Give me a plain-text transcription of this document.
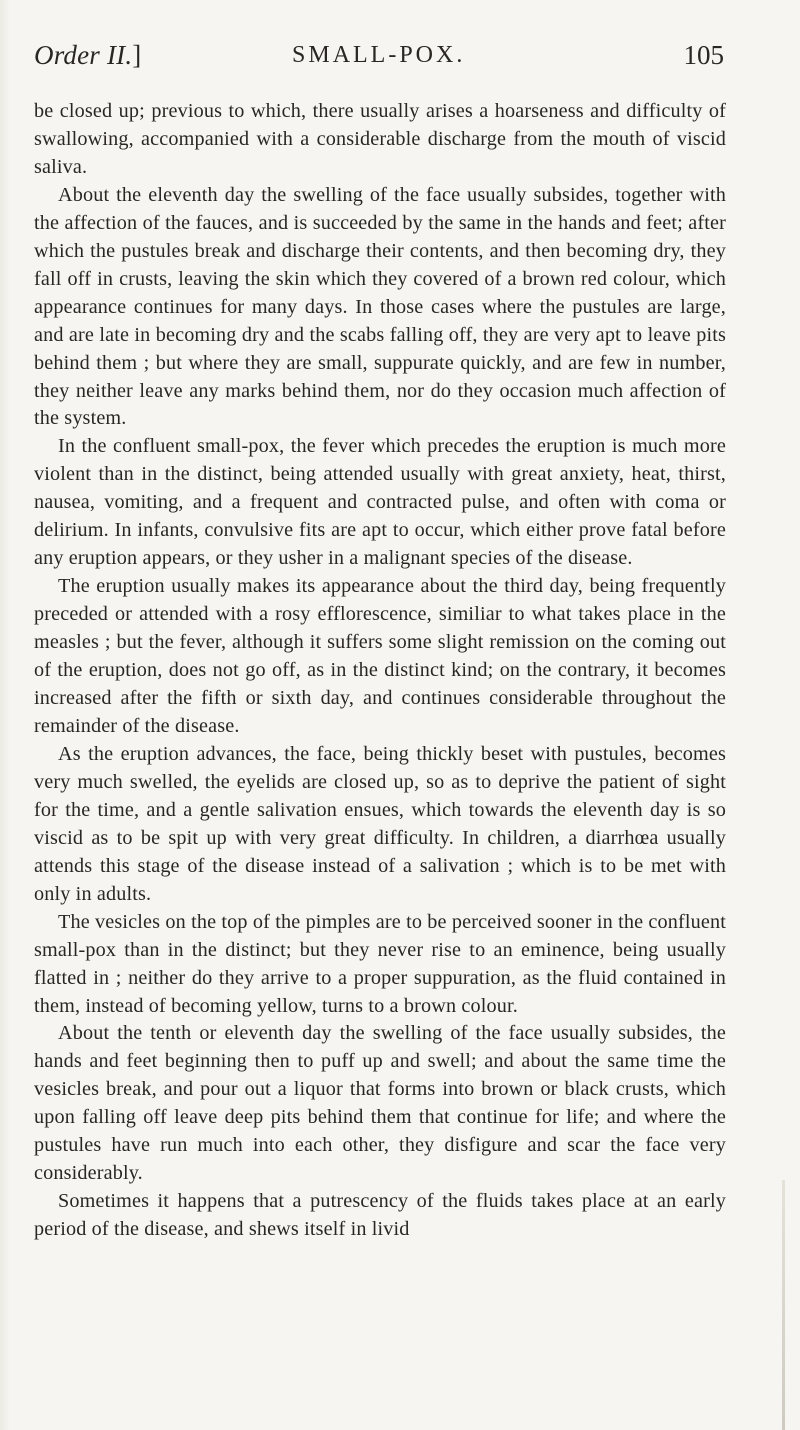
Order II.]	SMALL-POX.	105

be closed up; previous to which, there usually arises a hoarseness and difficulty of swallowing, accompanied with a considerable discharge from the mouth of viscid saliva.

About the eleventh day the swelling of the face usually subsides, together with the affection of the fauces, and is succeeded by the same in the hands and feet; after which the pustules break and discharge their contents, and then becoming dry, they fall off in crusts, leaving the skin which they covered of a brown red colour, which appearance continues for many days. In those cases where the pustules are large, and are late in becoming dry and the scabs falling off, they are very apt to leave pits behind them ; but where they are small, suppurate quickly, and are few in number, they neither leave any marks behind them, nor do they occasion much affection of the system.

In the confluent small-pox, the fever which precedes the eruption is much more violent than in the distinct, being attended usually with great anxiety, heat, thirst, nausea, vomiting, and a frequent and contracted pulse, and often with coma or delirium. In infants, convulsive fits are apt to occur, which either prove fatal before any eruption appears, or they usher in a malignant species of the disease.

The eruption usually makes its appearance about the third day, being frequently preceded or attended with a rosy efflorescence, similiar to what takes place in the measles ; but the fever, although it suffers some slight remission on the coming out of the eruption, does not go off, as in the distinct kind; on the contrary, it becomes increased after the fifth or sixth day, and continues considerable throughout the remainder of the disease.

As the eruption advances, the face, being thickly beset with pustules, becomes very much swelled, the eyelids are closed up, so as to deprive the patient of sight for the time, and a gentle salivation ensues, which towards the eleventh day is so viscid as to be spit up with very great difficulty. In children, a diarrhœa usually attends this stage of the disease instead of a salivation ; which is to be met with only in adults.

The vesicles on the top of the pimples are to be perceived sooner in the confluent small-pox than in the distinct; but they never rise to an eminence, being usually flatted in ; neither do they arrive to a proper suppuration, as the fluid contained in them, instead of becoming yellow, turns to a brown colour.

About the tenth or eleventh day the swelling of the face usually subsides, the hands and feet beginning then to puff up and swell; and about the same time the vesicles break, and pour out a liquor that forms into brown or black crusts, which upon falling off leave deep pits behind them that continue for life; and where the pustules have run much into each other, they disfigure and scar the face very considerably.

Sometimes it happens that a putrescency of the fluids takes place at an early period of the disease, and shews itself in livid
